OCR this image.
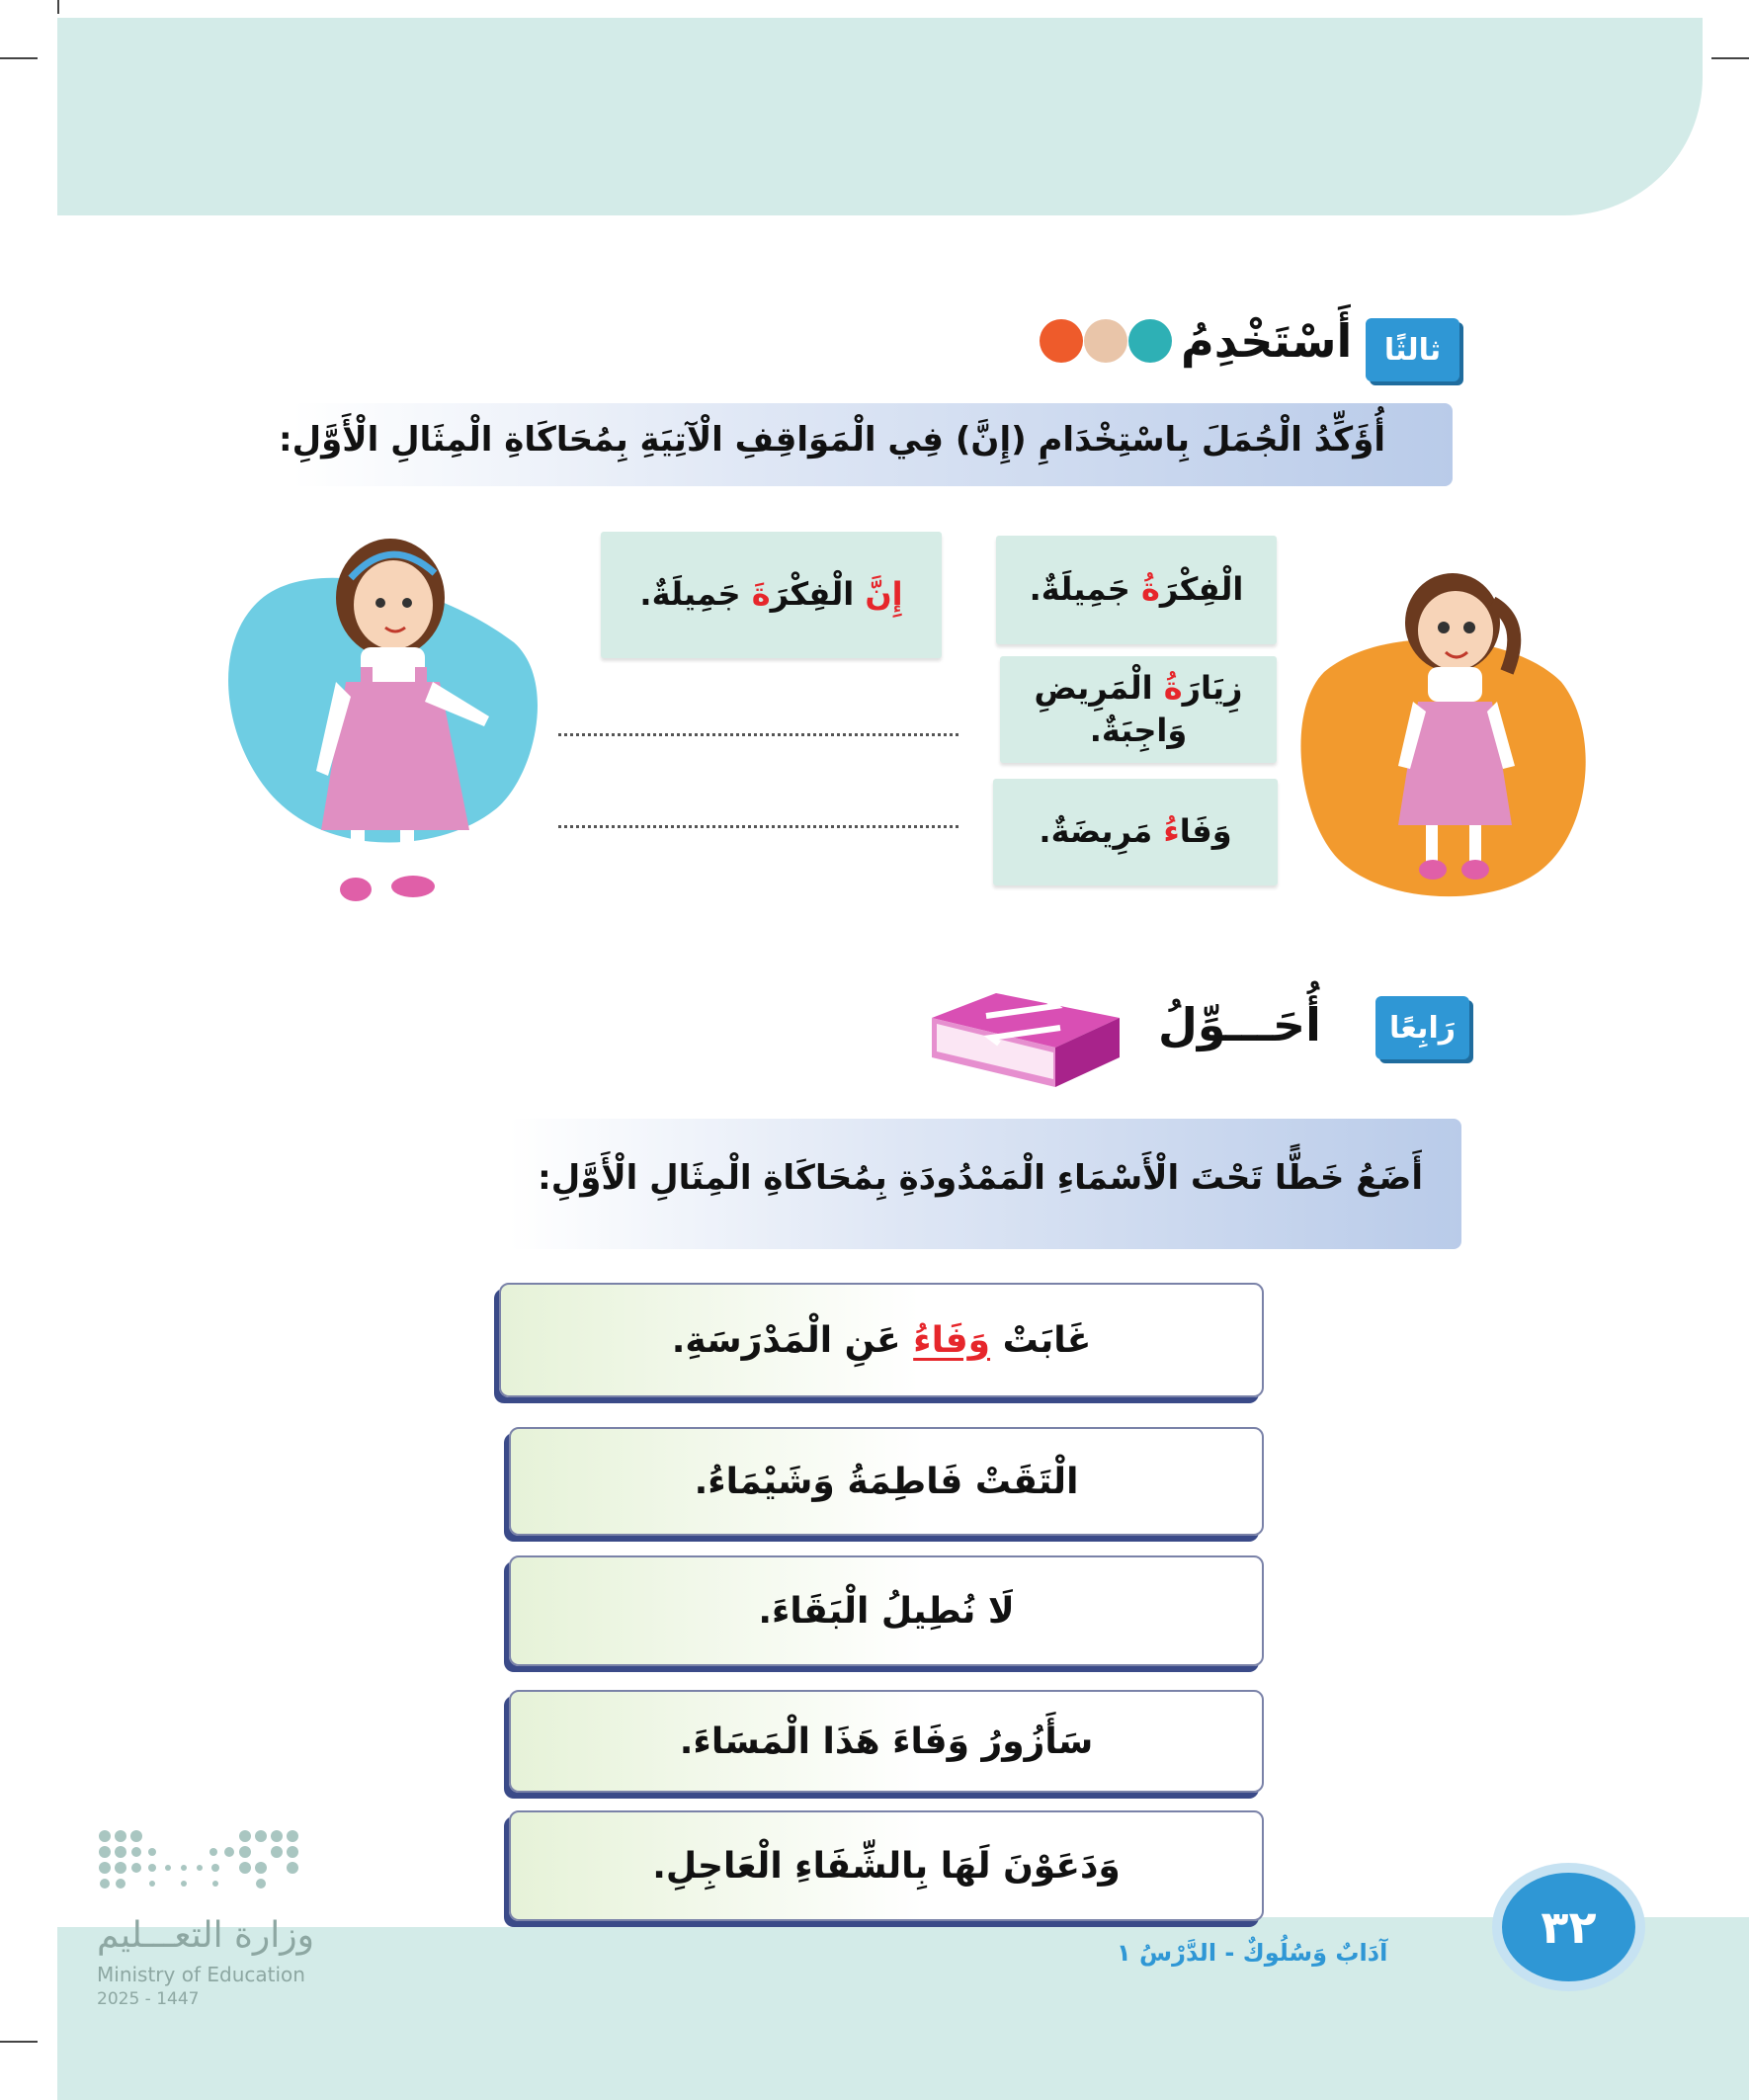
ثالثًا
أَسْتَخْدِمُ
أُؤَكِّدُ الْجُمَلَ بِاسْتِخْدَامِ (إِنَّ) فِي الْمَوَاقِفِ الْآتِيَةِ بِمُحَاكَاةِ الْمِثَالِ الْأَوَّلِ:
الْفِكْرَةُ جَمِيلَةٌ.
زِيَارَةُ الْمَرِيضِ وَاجِبَةٌ.
وَفَاءُ مَرِيضَةٌ.
إِنَّ الْفِكْرَةَ جَمِيلَةٌ.
رَابِعًا
أُحَـــوِّلُ
أَضَعُ خَطًّا تَحْتَ الْأَسْمَاءِ الْمَمْدُودَةِ بِمُحَاكَاةِ الْمِثَالِ الْأَوَّلِ:
غَابَتْ وَفَاءُ عَنِ الْمَدْرَسَةِ.
الْتَقَتْ فَاطِمَةُ وَشَيْمَاءُ.
لَا نُطِيلُ الْبَقَاءَ.
سَأَزُورُ وَفَاءَ هَذَا الْمَسَاءَ.
وَدَعَوْنَ لَهَا بِالشِّفَاءِ الْعَاجِلِ.
٣٢
آدَابٌ وَسُلُوكٌ - الدَّرْسُ ١
وزارة التعـــليم
Ministry of Education
2025 - 1447
